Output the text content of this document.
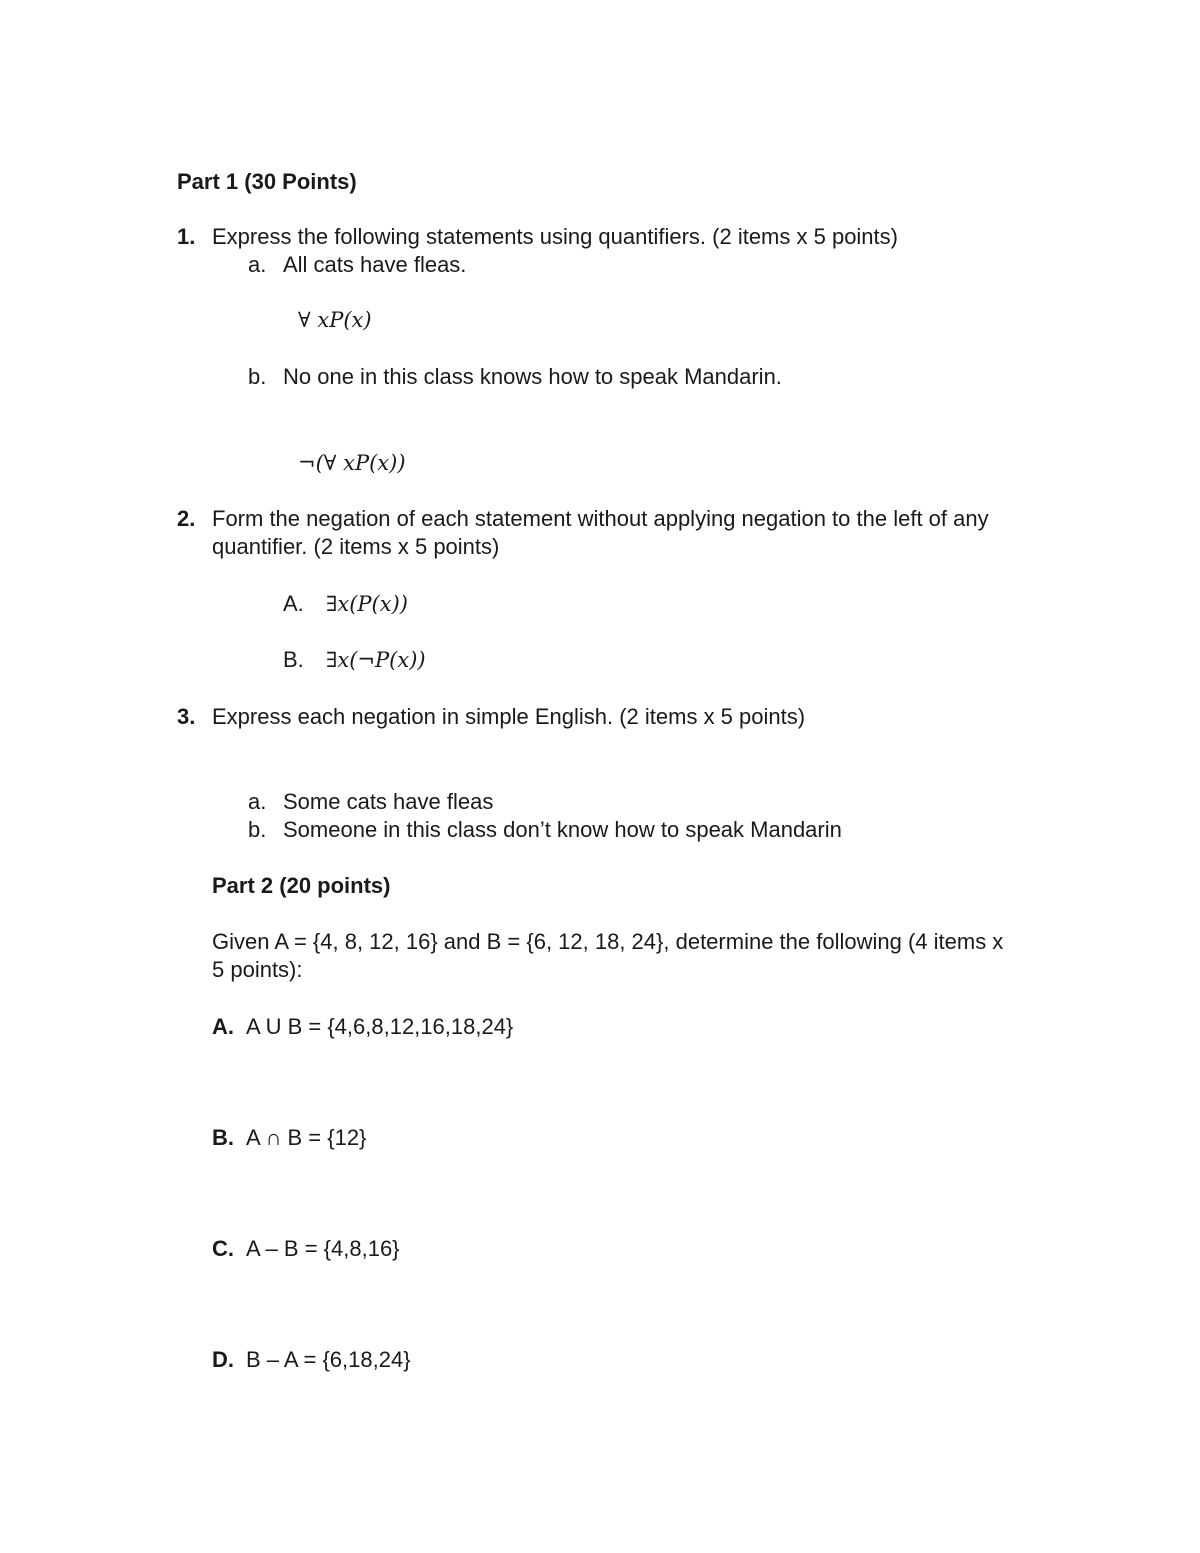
Part 1 (30 Points)
1. Express the following statements using quantifiers. (2 items x 5 points)
a. All cats have fleas.
∀ xP(x)
b. No one in this class knows how to speak Mandarin.
¬(∀ xP(x))
2. Form the negation of each statement without applying negation to the left of any
quantifier. (2 items x 5 points)
A. ∃x(P(x))
B. ∃x(¬P(x))
3. Express each negation in simple English. (2 items x 5 points)
a. Some cats have fleas
b. Someone in this class don’t know how to speak Mandarin
Part 2 (20 points)
Given A = {4, 8, 12, 16} and B = {6, 12, 18, 24}, determine the following (4 items x
5 points):
A. A U B = {4,6,8,12,16,18,24}
B. A ∩ B = {12}
C. A – B = {4,8,16}
D. B – A = {6,18,24}
